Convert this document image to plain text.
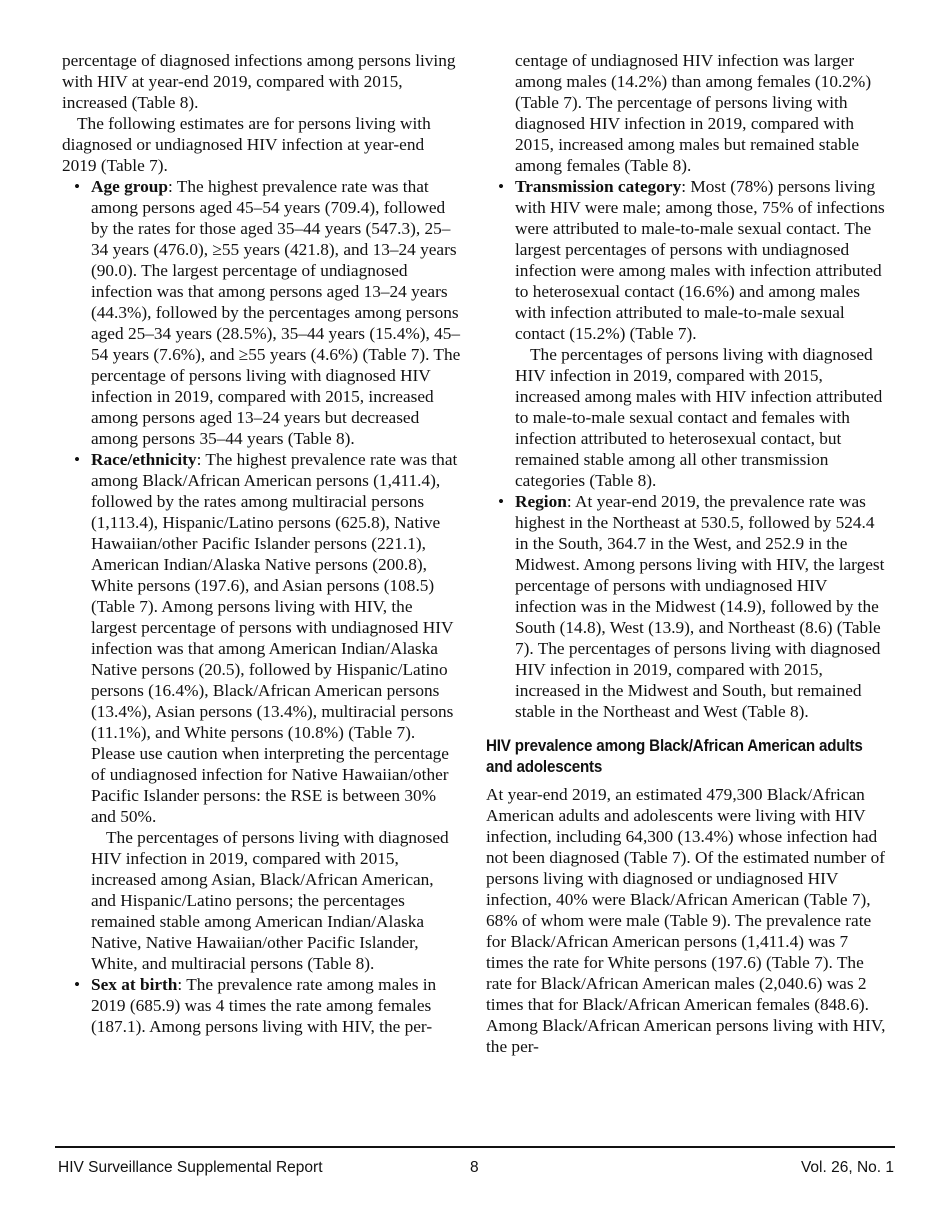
percentage of diagnosed infections among persons living with HIV at year-end 2019, compared with 2015, increased (Table 8).

The following estimates are for persons living with diagnosed or undiagnosed HIV infection at year-end 2019 (Table 7).

• Age group: The highest prevalence rate was that among persons aged 45–54 years (709.4), followed by the rates for those aged 35–44 years (547.3), 25–34 years (476.0), ≥55 years (421.8), and 13–24 years (90.0). The largest percentage of undiagnosed infection was that among persons aged 13–24 years (44.3%), followed by the percentages among persons aged 25–34 years (28.5%), 35–44 years (15.4%), 45–54 years (7.6%), and ≥55 years (4.6%) (Table 7). The percentage of persons living with diagnosed HIV infection in 2019, compared with 2015, increased among persons aged 13–24 years but decreased among persons 35–44 years (Table 8).
• Race/ethnicity: The highest prevalence rate was that among Black/African American persons (1,411.4), followed by the rates among multiracial persons (1,113.4), Hispanic/Latino persons (625.8), Native Hawaiian/other Pacific Islander persons (221.1), American Indian/Alaska Native persons (200.8), White persons (197.6), and Asian persons (108.5) (Table 7). Among persons living with HIV, the largest percentage of persons with undiagnosed HIV infection was that among American Indian/Alaska Native persons (20.5), followed by Hispanic/Latino persons (16.4%), Black/African American persons (13.4%), Asian persons (13.4%), multiracial persons (11.1%), and White persons (10.8%) (Table 7). Please use caution when interpreting the percentage of undiagnosed infection for Native Hawaiian/other Pacific Islander persons: the RSE is between 30% and 50%.

The percentages of persons living with diagnosed HIV infection in 2019, compared with 2015, increased among Asian, Black/African American, and Hispanic/Latino persons; the percentages remained stable among American Indian/Alaska Native, Native Hawaiian/other Pacific Islander, White, and multiracial persons (Table 8).

• Sex at birth: The prevalence rate among males in 2019 (685.9) was 4 times the rate among females (187.1). Among persons living with HIV, the per-

centage of undiagnosed HIV infection was larger among males (14.2%) than among females (10.2%) (Table 7). The percentage of persons living with diagnosed HIV infection in 2019, compared with 2015, increased among males but remained stable among females (Table 8).

• Transmission category: Most (78%) persons living with HIV were male; among those, 75% of infections were attributed to male-to-male sexual contact. The largest percentages of persons with undiagnosed infection were among males with infection attributed to heterosexual contact (16.6%) and among males with infection attributed to male-to-male sexual contact (15.2%) (Table 7).

The percentages of persons living with diagnosed HIV infection in 2019, compared with 2015, increased among males with HIV infection attributed to male-to-male sexual contact and females with infection attributed to heterosexual contact, but remained stable among all other transmission categories (Table 8).

• Region: At year-end 2019, the prevalence rate was highest in the Northeast at 530.5, followed by 524.4 in the South, 364.7 in the West, and 252.9 in the Midwest. Among persons living with HIV, the largest percentage of persons with undiagnosed HIV infection was in the Midwest (14.9), followed by the South (14.8), West (13.9), and Northeast (8.6) (Table 7). The percentages of persons living with diagnosed HIV infection in 2019, compared with 2015, increased in the Midwest and South, but remained stable in the Northeast and West (Table 8).
HIV prevalence among Black/African American adults and adolescents

At year-end 2019, an estimated 479,300 Black/African American adults and adolescents were living with HIV infection, including 64,300 (13.4%) whose infection had not been diagnosed (Table 7). Of the estimated number of persons living with diagnosed or undiagnosed HIV infection, 40% were Black/African American (Table 7), 68% of whom were male (Table 9). The prevalence rate for Black/African American persons (1,411.4) was 7 times the rate for White persons (197.6) (Table 7). The rate for Black/African American males (2,040.6) was 2 times that for Black/African American females (848.6). Among Black/African American persons living with HIV, the per-

HIV Surveillance Supplemental Report	8	Vol. 26, No. 1
